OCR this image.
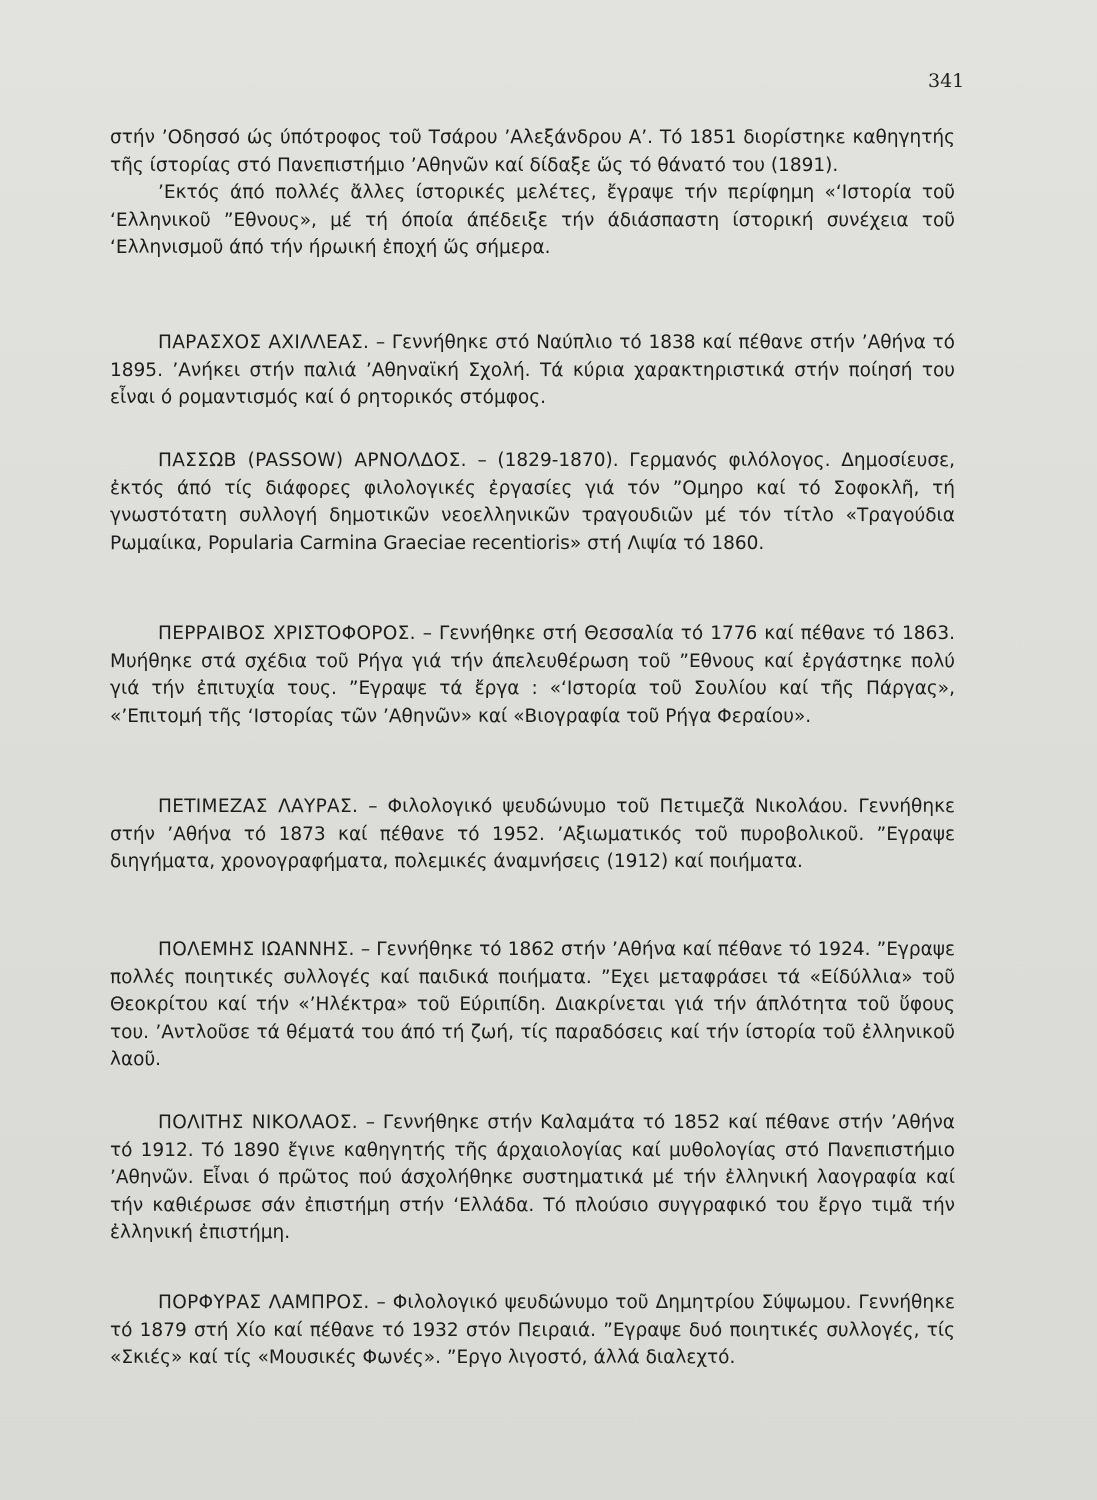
341

στήν ’Οδησσό ώς ύπότροφος τοῦ Τσάρου ’Αλεξάνδρου Α’. Τό 1851 διορίστηκε καθηγητής τῆς ίστορίας στό Πανεπιστήμιο ’Αθηνῶν καί δίδαξε ὥς τό θάνατό του (1891).

’Εκτός άπό πολλές ἄλλες ίστορικές μελέτες, ἔγραψε τήν περίφημη «‘Ιστορία τοῦ ‘Ελληνικοῦ ”Εθνους», μέ τή όποία άπέδειξε τήν άδιάσπαστη ίστορική συνέχεια τοῦ ‘Ελληνισμοῦ άπό τήν ήρωική ἐποχή ὥς σήμερα.

ΠΑΡΑΣΧΟΣ ΑΧΙΛΛΕΑΣ. – Γεννήθηκε στό Ναύπλιο τό 1838 καί πέθανε στήν ’Αθήνα τό 1895. ’Ανήκει στήν παλιά ’Αθηναϊκή Σχολή. Τά κύρια χαρακτηριστικά στήν ποίησή του εἶναι ό ρομαντισμός καί ό ρητορικός στόμφος.

ΠΑΣΣΩΒ (PASSOW) ΑΡΝΟΛΔΟΣ. – (1829-1870). Γερμανός φιλόλογος. Δημοσίευσε, ἐκτός άπό τίς διάφορες φιλολογικές ἐργασίες γιά τόν ”Ομηρο καί τό Σοφοκλῆ, τή γνωστότατη συλλογή δημοτικῶν νεοελληνικῶν τραγουδιῶν μέ τόν τίτλο «Τραγούδια Ρωμαίικα, Popularia Carmina Graeciae recentioris» στή Λιψία τό 1860.

ΠΕΡΡΑΙΒΟΣ ΧΡΙΣΤΟΦΟΡΟΣ. – Γεννήθηκε στή Θεσσαλία τό 1776 καί πέθανε τό 1863. Μυήθηκε στά σχέδια τοῦ Ρήγα γιά τήν άπελευθέρωση τοῦ ”Εθνους καί ἐργάστηκε πολύ γιά τήν ἐπιτυχία τους. ”Εγραψε τά ἔργα : «‘Ιστορία τοῦ Σουλίου καί τῆς Πάργας», «’Επιτομή τῆς ‘Ιστορίας τῶν ’Αθηνῶν» καί «Βιογραφία τοῦ Ρήγα Φεραίου».

ΠΕΤΙΜΕΖΑΣ ΛΑΥΡΑΣ. – Φιλολογικό ψευδώνυμο τοῦ Πετιμεζᾶ Νικολάου. Γεννήθηκε στήν ’Αθήνα τό 1873 καί πέθανε τό 1952. ’Αξιωματικός τοῦ πυροβολικοῦ. ”Εγραψε διηγήματα, χρονογραφήματα, πολεμικές άναμνήσεις (1912) καί ποιήματα.

ΠΟΛΕΜΗΣ ΙΩΑΝΝΗΣ. – Γεννήθηκε τό 1862 στήν ’Αθήνα καί πέθανε τό 1924. ”Εγραψε πολλές ποιητικές συλλογές καί παιδικά ποιήματα. ”Εχει μεταφράσει τά «Είδύλλια» τοῦ Θεοκρίτου καί τήν «’Ηλέκτρα» τοῦ Εύριπίδη. Διακρίνεται γιά τήν άπλότητα τοῦ ὕφους του. ’Αντλοῦσε τά θέματά του άπό τή ζωή, τίς παραδόσεις καί τήν ίστορία τοῦ ἐλληνικοῦ λαοῦ.

ΠΟΛΙΤΗΣ ΝΙΚΟΛΑΟΣ. – Γεννήθηκε στήν Καλαμάτα τό 1852 καί πέθανε στήν ’Αθήνα τό 1912. Τό 1890 ἔγινε καθηγητής τῆς άρχαιολογίας καί μυθολογίας στό Πανεπιστήμιο ’Αθηνῶν. Εἶναι ό πρῶτος πού άσχολήθηκε συστηματικά μέ τήν ἐλληνική λαογραφία καί τήν καθιέρωσε σάν ἐπιστήμη στήν ‘Ελλάδα. Τό πλούσιο συγγραφικό του ἔργο τιμᾶ τήν ἐλληνική ἐπιστήμη.

ΠΟΡΦΥΡΑΣ ΛΑΜΠΡΟΣ. – Φιλολογικό ψευδώνυμο τοῦ Δημητρίου Σύψωμου. Γεννήθηκε τό 1879 στή Χίο καί πέθανε τό 1932 στόν Πειραιά. ”Εγραψε δυό ποιητικές συλλογές, τίς «Σκιές» καί τίς «Μουσικές Φωνές». ”Εργο λιγοστό, άλλά διαλεχτό.
